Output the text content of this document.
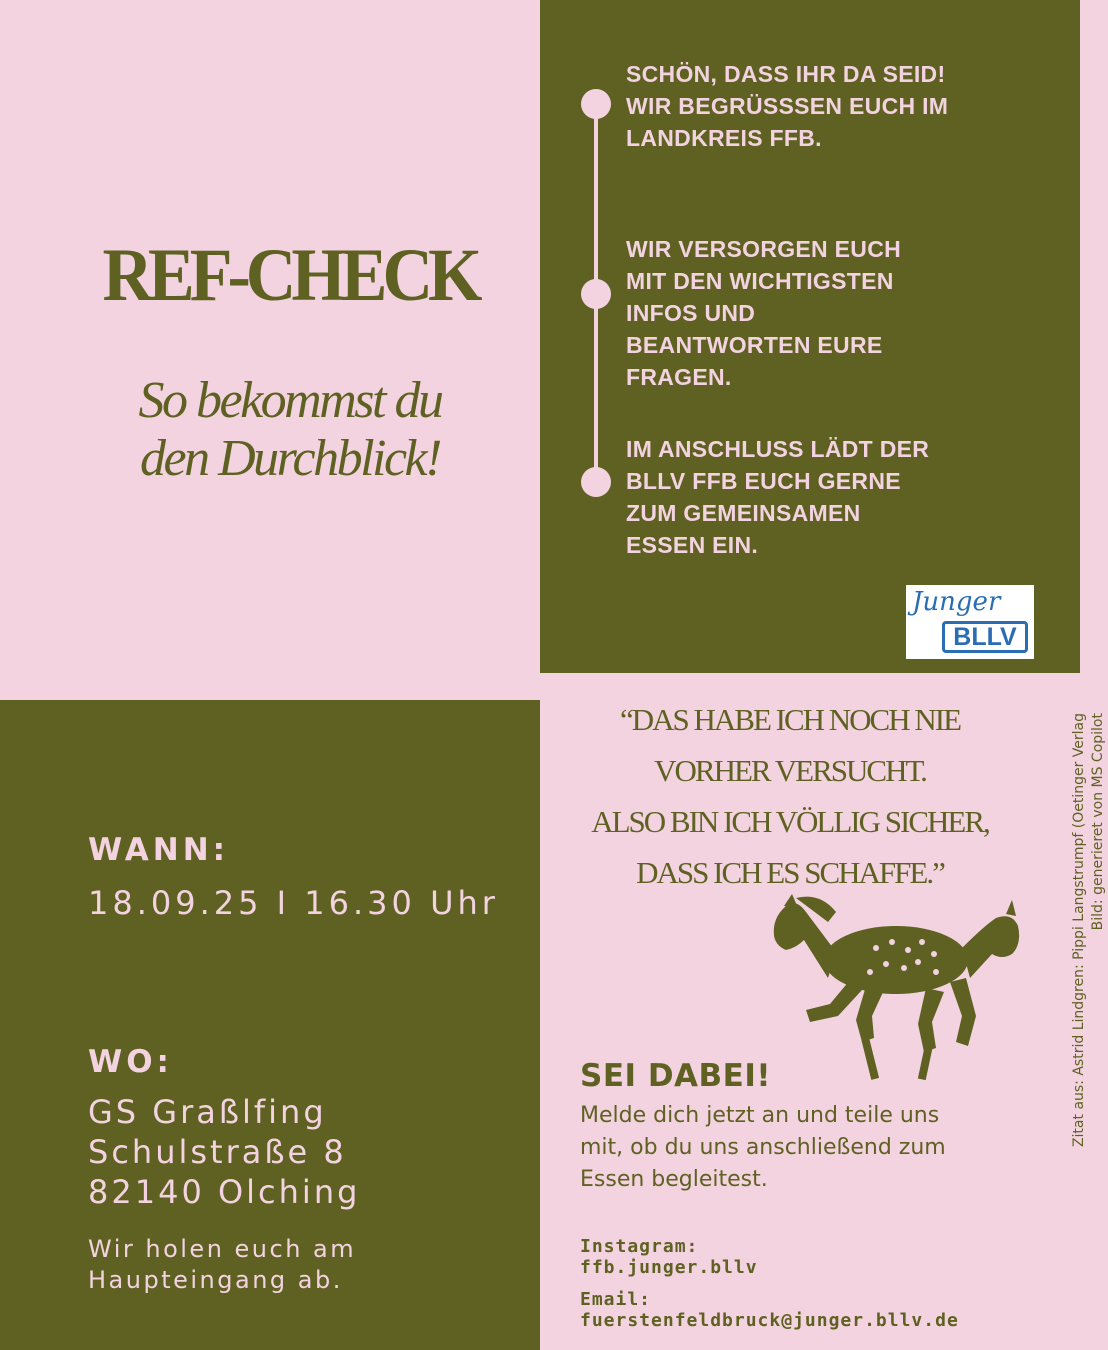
REF-CHECK
So bekommst du
den Durchblick!
SCHÖN, DASS IHR DA SEID!
WIR BEGRÜSSSEN EUCH IM
LANDKREIS FFB.
WIR VERSORGEN EUCH
MIT DEN WICHTIGSTEN
INFOS UND
BEANTWORTEN EURE
FRAGEN.
IM ANSCHLUSS LÄDT DER
BLLV FFB EUCH GERNE
ZUM GEMEINSAMEN
ESSEN EIN.
Junger
BLLV
WANN:
18.09.25 I 16.30 Uhr
WO:
GS Graßlfing
Schulstraße 8
82140 Olching
Wir holen euch am
Haupteingang ab.
“DAS HABE ICH NOCH NIE
VORHER VERSUCHT.
ALSO BIN ICH VÖLLIG SICHER,
DASS ICH ES SCHAFFE.”
Zitat aus: Astrid Lindgren: Pippi Langstrumpf (Oetinger Verlag
Bild: generieret von MS Copilot
SEI DABEI!
Melde dich jetzt an und teile uns
mit, ob du uns anschließend zum
Essen begleitest.
Instagram:
ffb.junger.bllv
Email:
fuerstenfeldbruck@junger.bllv.de
